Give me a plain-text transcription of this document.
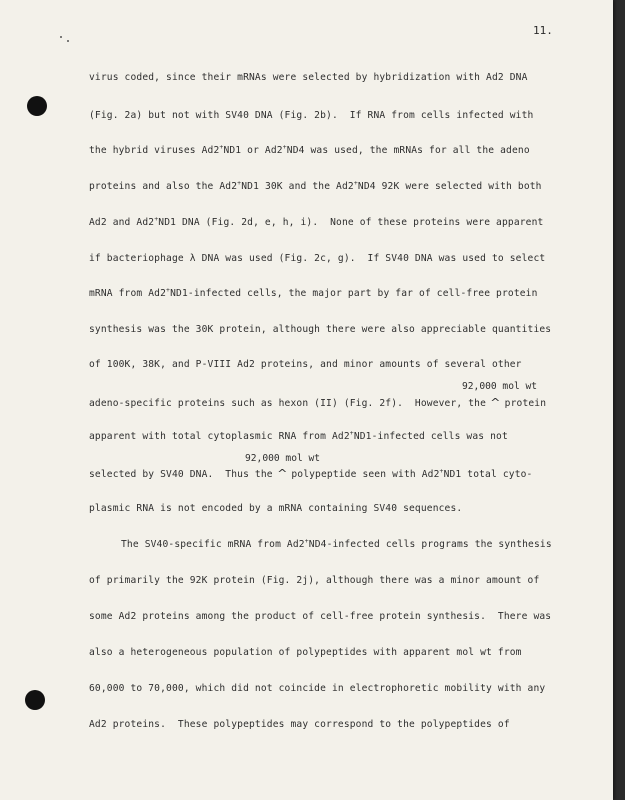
11.
virus coded, since their mRNAs were selected by hybridization with Ad2 DNA
(Fig. 2a) but not with SV40 DNA (Fig. 2b).  If RNA from cells infected with
the hybrid viruses Ad2+ND1 or Ad2+ND4 was used, the mRNAs for all the adeno
proteins and also the Ad2+ND1 30K and the Ad2+ND4 92K were selected with both
Ad2 and Ad2+ND1 DNA (Fig. 2d, e, h, i).  None of these proteins were apparent
if bacteriophage λ DNA was used (Fig. 2c, g).  If SV40 DNA was used to select
mRNA from Ad2+ND1-infected cells, the major part by far of cell-free protein
synthesis was the 30K protein, although there were also appreciable quantities
of 100K, 38K, and P-VIII Ad2 proteins, and minor amounts of several other
92,000 mol wt
adeno-specific proteins such as hexon (II) (Fig. 2f).  However, the ^ protein
apparent with total cytoplasmic RNA from Ad2+ND1-infected cells was not
92,000 mol wt
selected by SV40 DNA.  Thus the ^ polypeptide seen with Ad2+ND1 total cyto-
plasmic RNA is not encoded by a mRNA containing SV40 sequences.
The SV40-specific mRNA from Ad2+ND4-infected cells programs the synthesis
of primarily the 92K protein (Fig. 2j), although there was a minor amount of
some Ad2 proteins among the product of cell-free protein synthesis.  There was
also a heterogeneous population of polypeptides with apparent mol wt from
60,000 to 70,000, which did not coincide in electrophoretic mobility with any
Ad2 proteins.  These polypeptides may correspond to the polypeptides of
